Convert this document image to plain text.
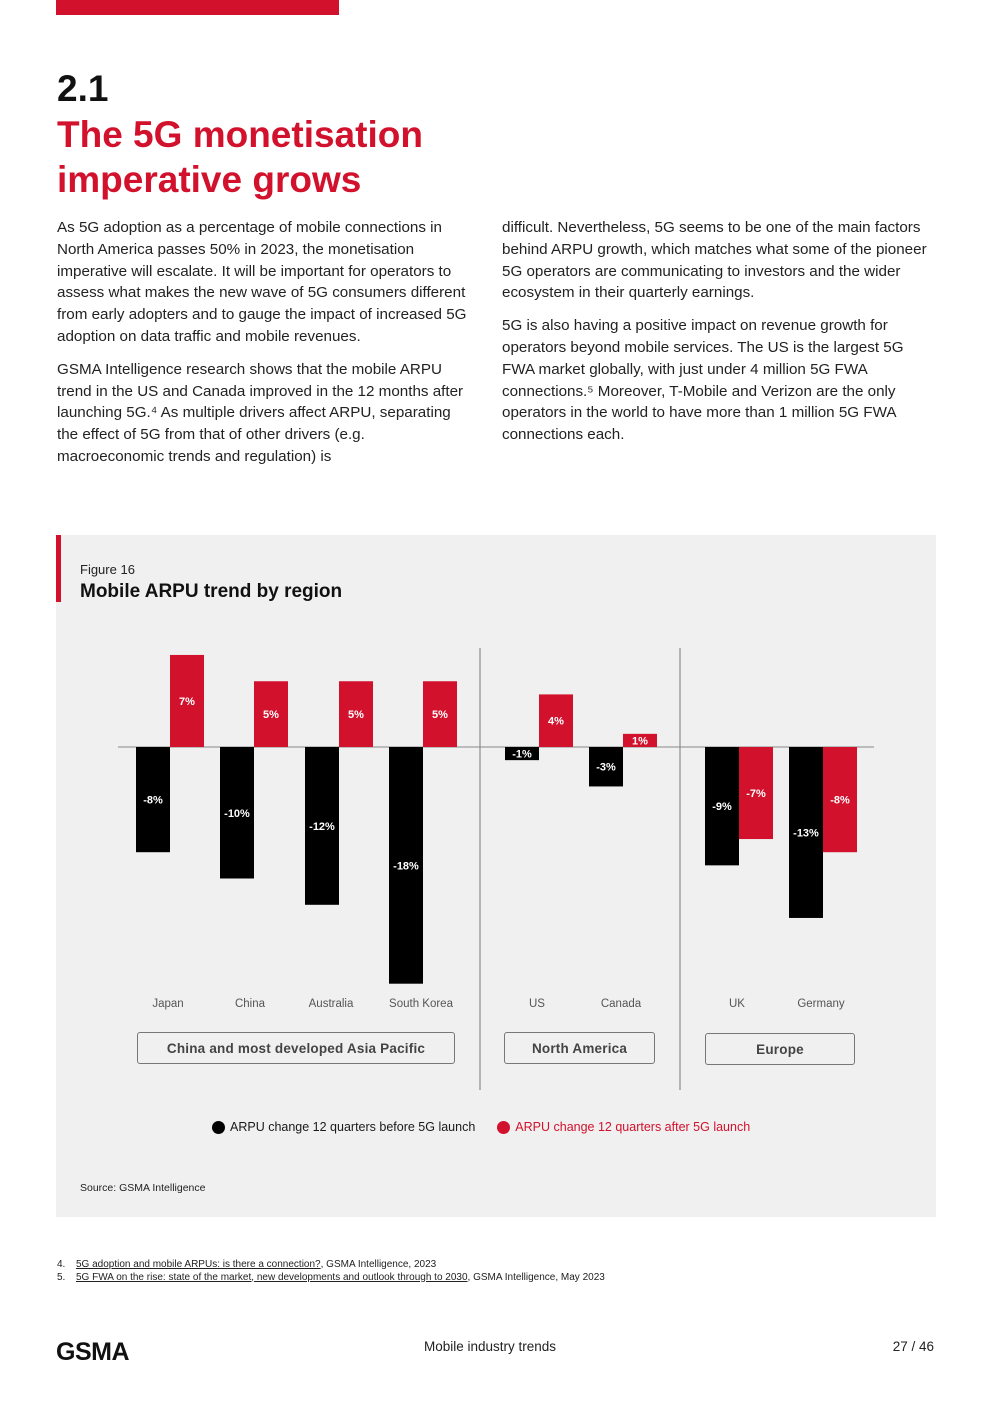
2.1
The 5G monetisation imperative grows

As 5G adoption as a percentage of mobile connections in North America passes 50% in 2023, the monetisation imperative will escalate. It will be important for operators to assess what makes the new wave of 5G consumers different from early adopters and to gauge the impact of increased 5G adoption on data traffic and mobile revenues.

GSMA Intelligence research shows that the mobile ARPU trend in the US and Canada improved in the 12 months after launching 5G.⁴ As multiple drivers affect ARPU, separating the effect of 5G from that of other drivers (e.g. macroeconomic trends and regulation) is

difficult. Nevertheless, 5G seems to be one of the main factors behind ARPU growth, which matches what some of the pioneer 5G operators are communicating to investors and the wider ecosystem in their quarterly earnings.

5G is also having a positive impact on revenue growth for operators beyond mobile services. The US is the largest 5G FWA market globally, with just under 4 million 5G FWA connections.⁵ Moreover, T-Mobile and Verizon are the only operators in the world to have more than 1 million 5G FWA connections each.

Figure 16
Mobile ARPU trend by region
-8%
-10%
-12%
-18%
-1%
-3%
-9%
-13%
7%
5%	5%	5%
4%
1%
-7%
-8%
Japan	China	Australia	South Korea	US	Canada	UK	Germany
China and most developed Asia Pacific	North America	Europe
ARPU change 12 quarters before 5G launch	ARPU change 12 quarters after 5G launch
Source: GSMA Intelligence
4.	5G adoption and mobile ARPUs: is there a connection?, GSMA Intelligence, 2023
5.	5G FWA on the rise: state of the market, new developments and outlook through to 2030, GSMA Intelligence, May 2023
GSMA	Mobile industry trends	27 / 46
